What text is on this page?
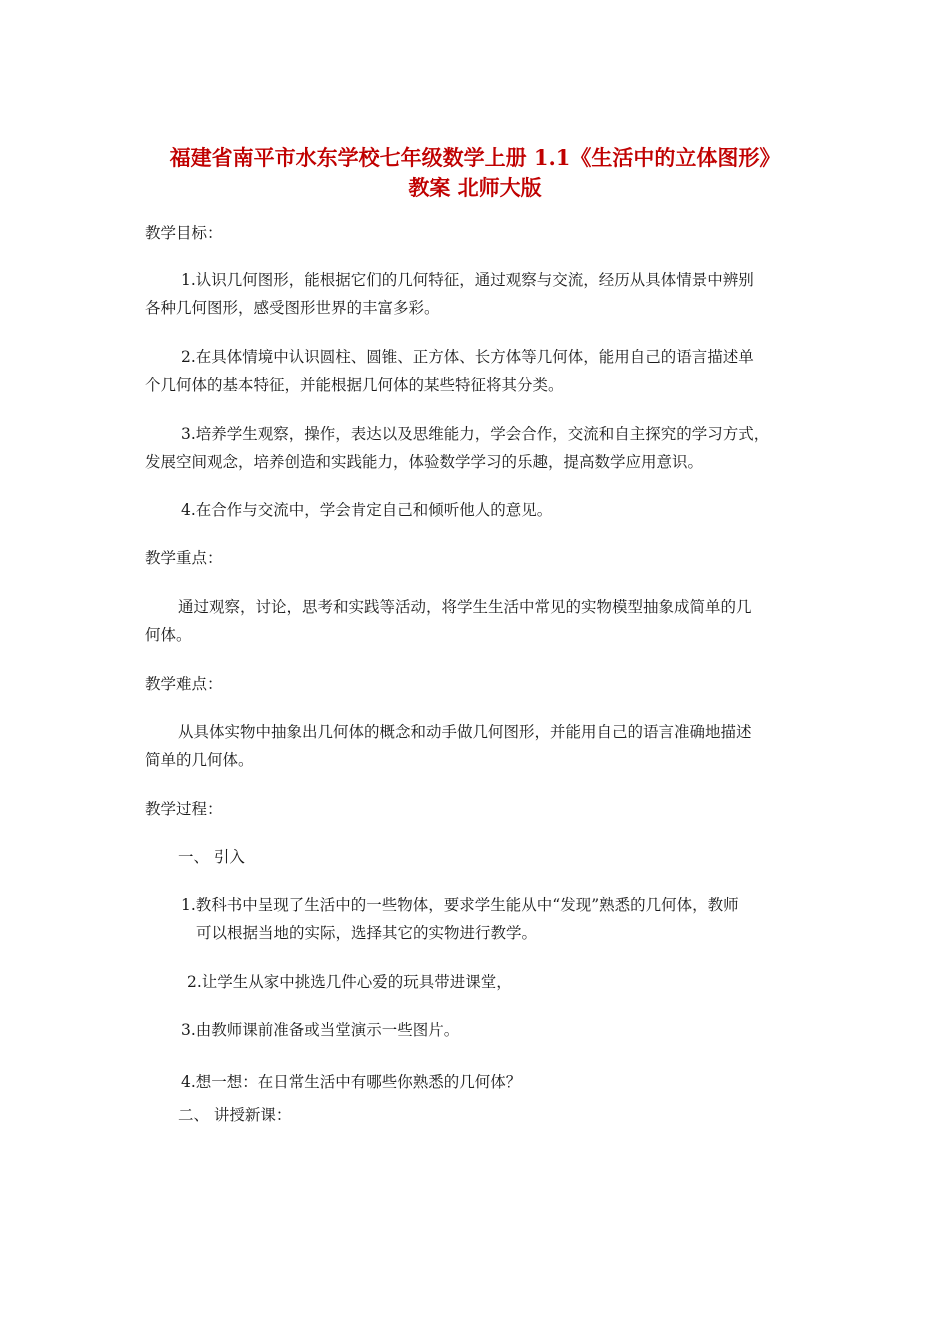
福建省南平市水东学校七年级数学上册 1.1《生活中的立体图形》
教案 北师大版

教学目标：

1.认识几何图形，能根据它们的几何特征，通过观察与交流，经历从具体情景中辨别

各种几何图形，感受图形世界的丰富多彩。

2.在具体情境中认识圆柱、圆锥、正方体、长方体等几何体，能用自己的语言描述单

个几何体的基本特征，并能根据几何体的某些特征将其分类。

3.培养学生观察，操作，表达以及思维能力，学会合作，交流和自主探究的学习方式，

发展空间观念，培养创造和实践能力，体验数学学习的乐趣，提高数学应用意识。

4.在合作与交流中，学会肯定自己和倾听他人的意见。

教学重点：

通过观察，讨论，思考和实践等活动，将学生生活中常见的实物模型抽象成简单的几

何体。

教学难点：

从具体实物中抽象出几何体的概念和动手做几何图形，并能用自己的语言准确地描述

简单的几何体。

教学过程：

一、 引入

1.教科书中呈现了生活中的一些物体，要求学生能从中“发现”熟悉的几何体，教师

可以根据当地的实际，选择其它的实物进行教学。

2.让学生从家中挑选几件心爱的玩具带进课堂，

3.由教师课前准备或当堂演示一些图片。

4.想一想：在日常生活中有哪些你熟悉的几何体？

二、 讲授新课：
